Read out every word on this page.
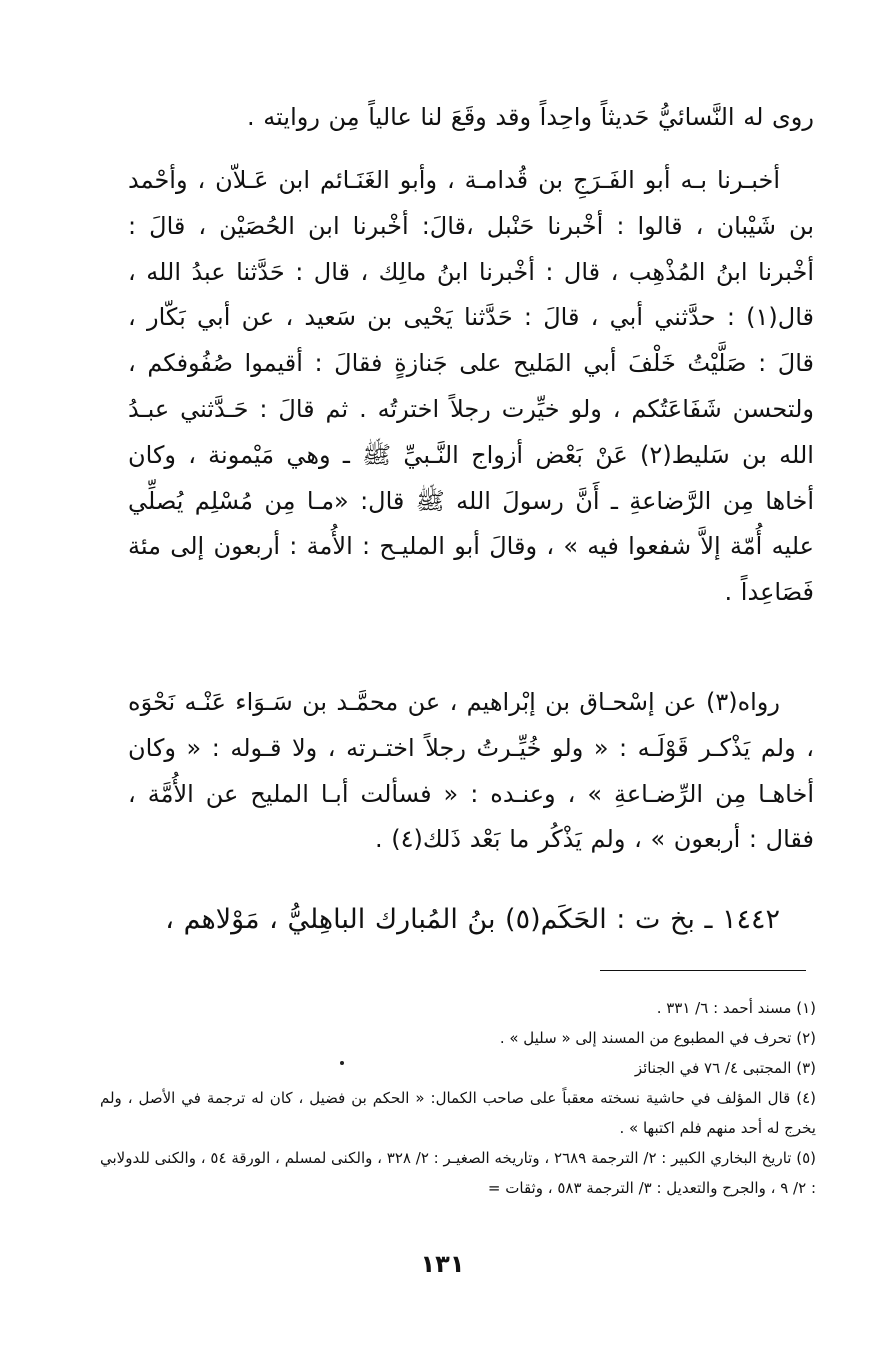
روى له النَّسائيُّ حَديثاً واحِداً وقد وقَعَ لنا عالياً مِن روايته .

أخبـرنا بـه أبو الفَـرَجِ بن قُدامـة ، وأبو الغَنَـائم ابن عَـلاّن ، وأحْمد بن شَيْبان ، قالوا : أخْبرنا حَنْبل ،قالَ: أخْبرنا ابن الحُصَيْن ، قالَ : أخْبرنا ابنُ المُذْهِب ، قال : أخْبرنا ابنُ مالِك ، قال : حَدَّثنا عبدُ الله ، قال(١) : حدَّثني أبي ، قالَ : حَدَّثنا يَحْيى بن سَعيد ، عن أبي بَكّار ، قالَ : صَلَّيْتُ خَلْفَ أبي المَليح على جَنازةٍ فقالَ : أقيموا صُفُوفكم ، ولتحسن شَفَاعَتُكم ، ولو خيِّرت رجلاً اخترتُه . ثم قالَ : حَـدَّثني عبـدُ الله بن سَليط(٢) عَنْ بَعْض أزواج النَّـبيِّ ﷺ ـ وهي مَيْمونة ، وكان أخاها مِن الرَّضاعةِ ـ أَنَّ رسولَ الله ﷺ قال: «مـا مِن مُسْلِم يُصلِّي عليه أُمّة إلاَّ شفعوا فيه » ، وقالَ أبو المليـح : الأُمة : أربعون إلى مئة فَصَاعِداً .

رواه(٣) عن إسْحـاق بن إبْراهيم ، عن محمَّـد بن سَـوَاء عَنْـه نَحْوَه ، ولم يَذْكـر قَوْلَـه : « ولو خُيِّـرتُ رجلاً اختـرته ، ولا قـوله : « وكان أخاهـا مِن الرِّضـاعةِ » ، وعنـده : « فسألت أبـا المليح عن الأُمَّة ، فقال : أربعون » ، ولم يَذْكُر ما بَعْد ذَلك(٤) .

١٤٤٢ ـ بخ ت : الحَكَم(٥) بنُ المُبارك الباهِليُّ ، مَوْلاهم ،

(١) مسند أحمد : ٦/ ٣٣١ .

(٢) تحرف في المطبوع من المسند إلى « سليل » .

(٣) المجتبى ٤/ ٧٦ في الجنائز

(٤) قال المؤلف في حاشية نسخته معقباً على صاحب الكمال: « الحكم بن فضيل ، كان له ترجمة في الأصل ، ولم يخرج له أحد منهم فلم اكتبها » .

(٥) تاريخ البخاري الكبير : ٢/ الترجمة ٢٦٨٩ ، وتاريخه الصغيـر : ٢/ ٣٢٨ ، والكنى لمسلم ، الورقة ٥٤ ، والكنى للدولابي : ٢/ ٩ ، والجرح والتعديل : ٣/ الترجمة ٥٨٣ ، وثقات =

١٣١
